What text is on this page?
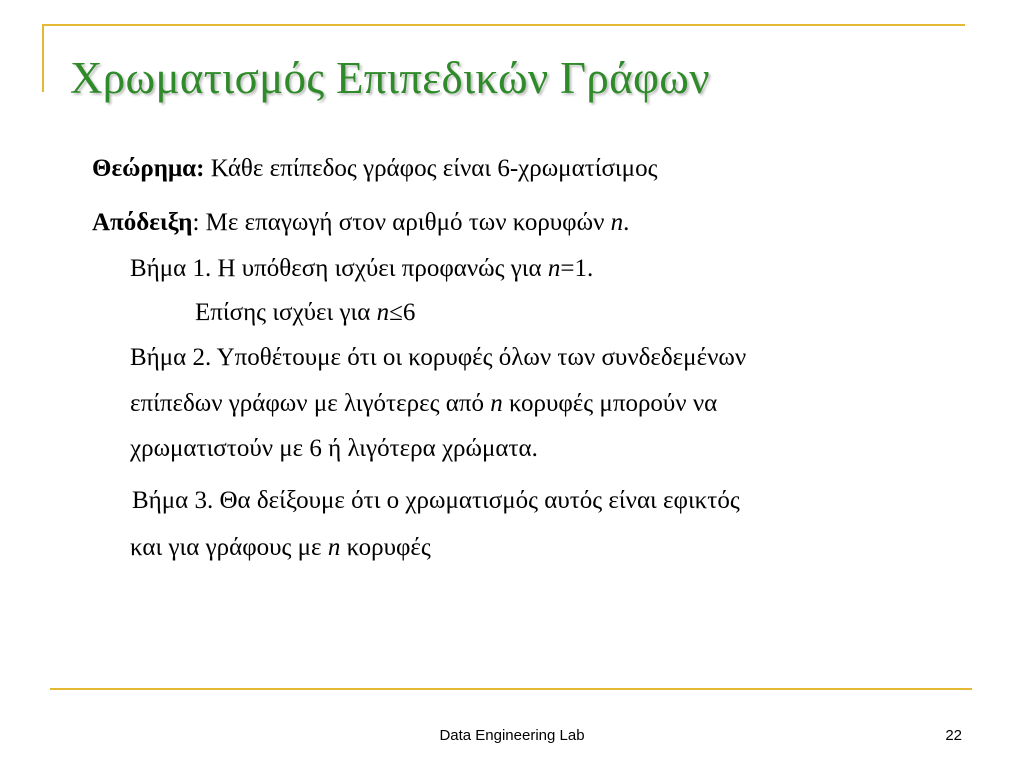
Χρωματισμός Επιπεδικών Γράφων
Θεώρημα: Κάθε επίπεδος γράφος είναι 6-χρωματίσιμος
Απόδειξη: Με επαγωγή στον αριθμό των κορυφών n.
Βήμα 1. Η υπόθεση ισχύει προφανώς για n=1.
Επίσης ισχύει για n≤6
Βήμα 2. Υποθέτουμε ότι οι κορυφές όλων των συνδεδεμένων
επίπεδων γράφων με λιγότερες από n κορυφές μπορούν να
χρωματιστούν με 6 ή λιγότερα χρώματα.
Βήμα 3. Θα δείξουμε ότι ο χρωματισμός αυτός είναι εφικτός
και για γράφους με n κορυφές
Data Engineering Lab	22
